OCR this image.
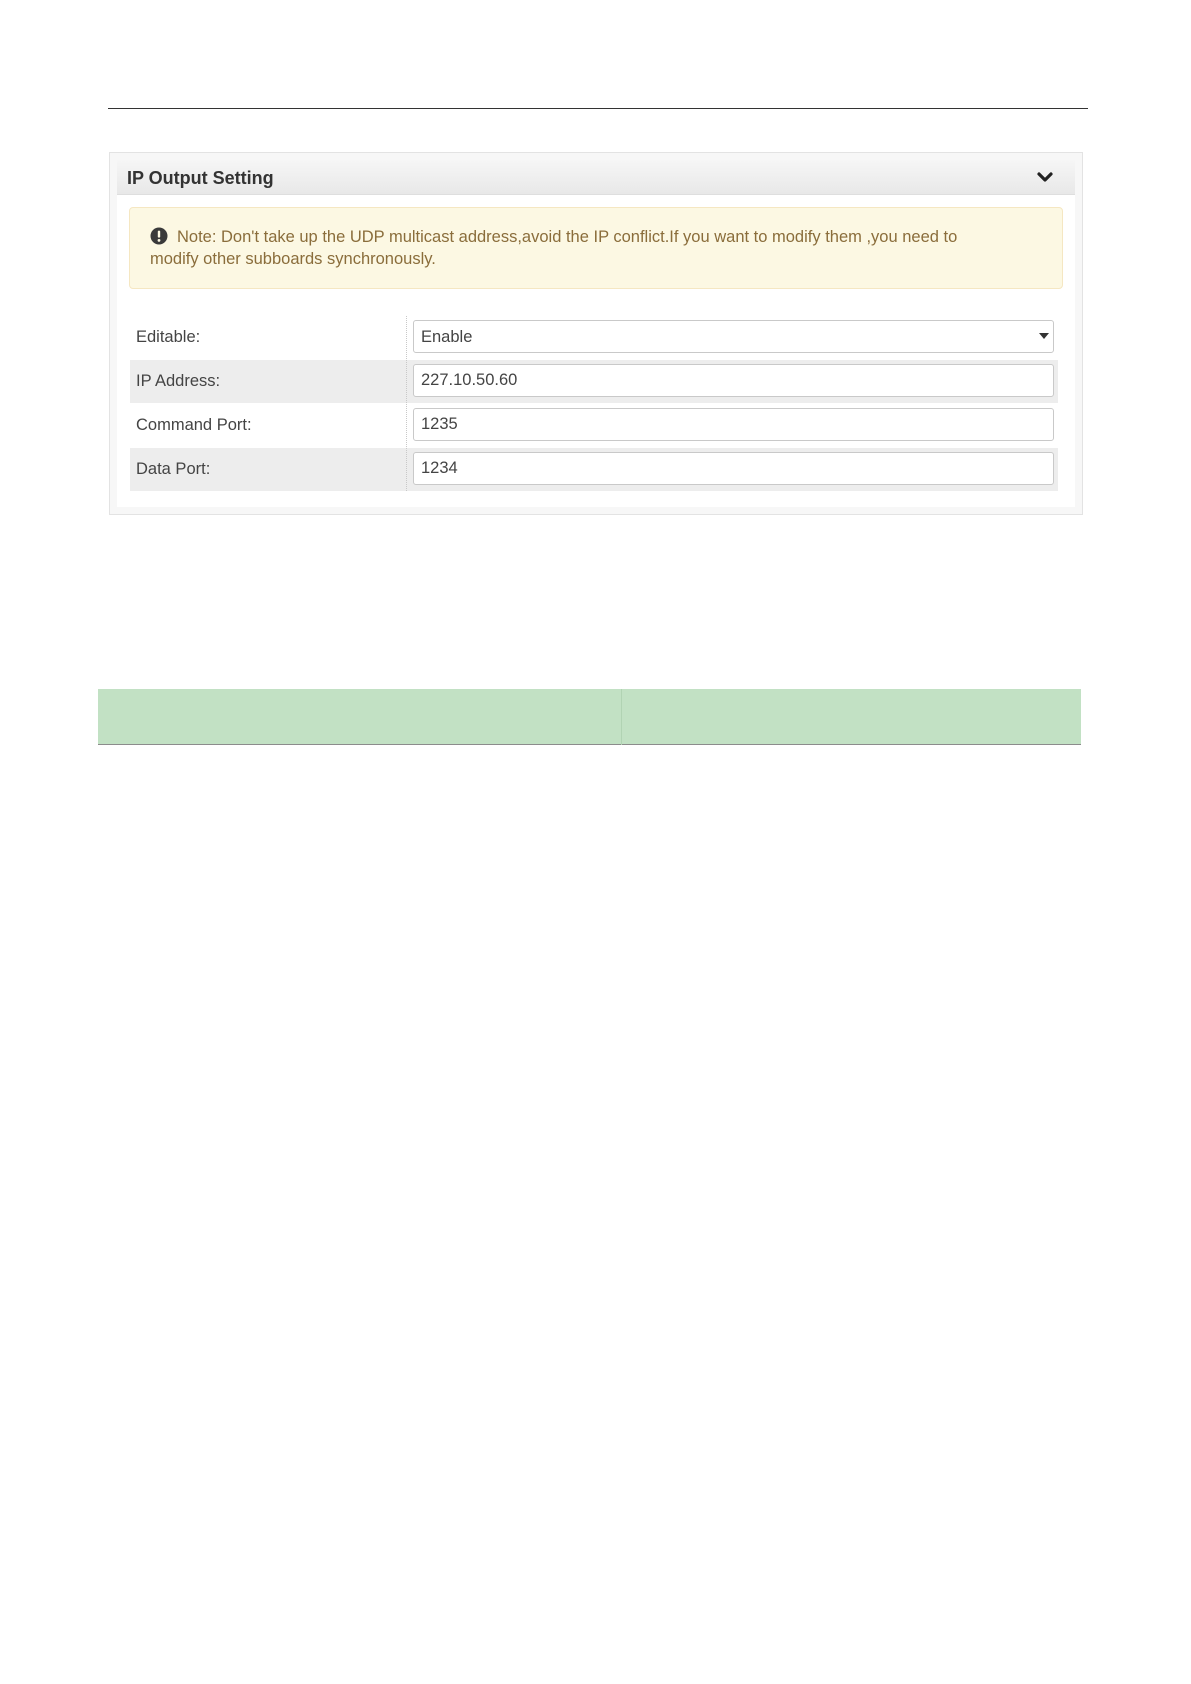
IP Output Setting
Note: Don't take up the UDP multicast address,avoid the IP conflict.If you want to modify them ,you need to
modify other subboards synchronously.
Editable:	Enable
IP Address:
227.10.50.60
Command Port:
1235
Data Port:
1234
